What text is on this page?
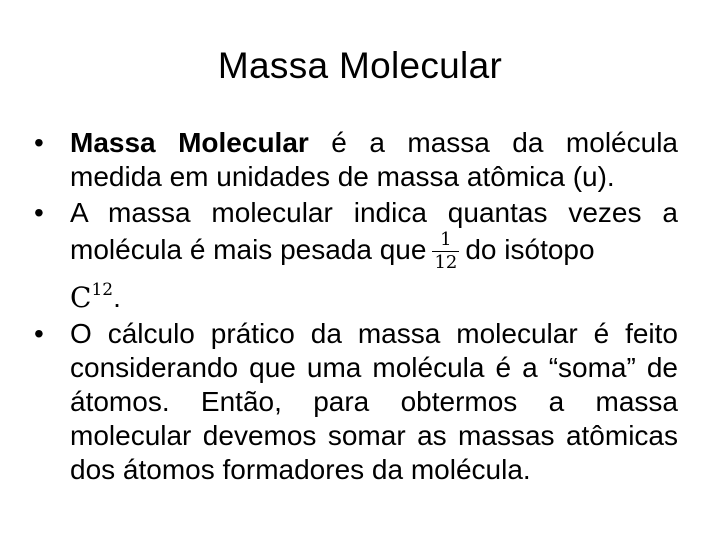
Massa Molecular
• Massa Molecular é a massa da molécula medida em unidades de massa atômica (u).
• A massa molecular indica quantas vezes a molécula é mais pesada que $\frac{1}{12}$ do isótopo
$C^{12}$.
• O cálculo prático da massa molecular é feito considerando que uma molécula é a “soma” de átomos. Então, para obtermos a massa molecular devemos somar as massas atômicas dos átomos formadores da molécula.
